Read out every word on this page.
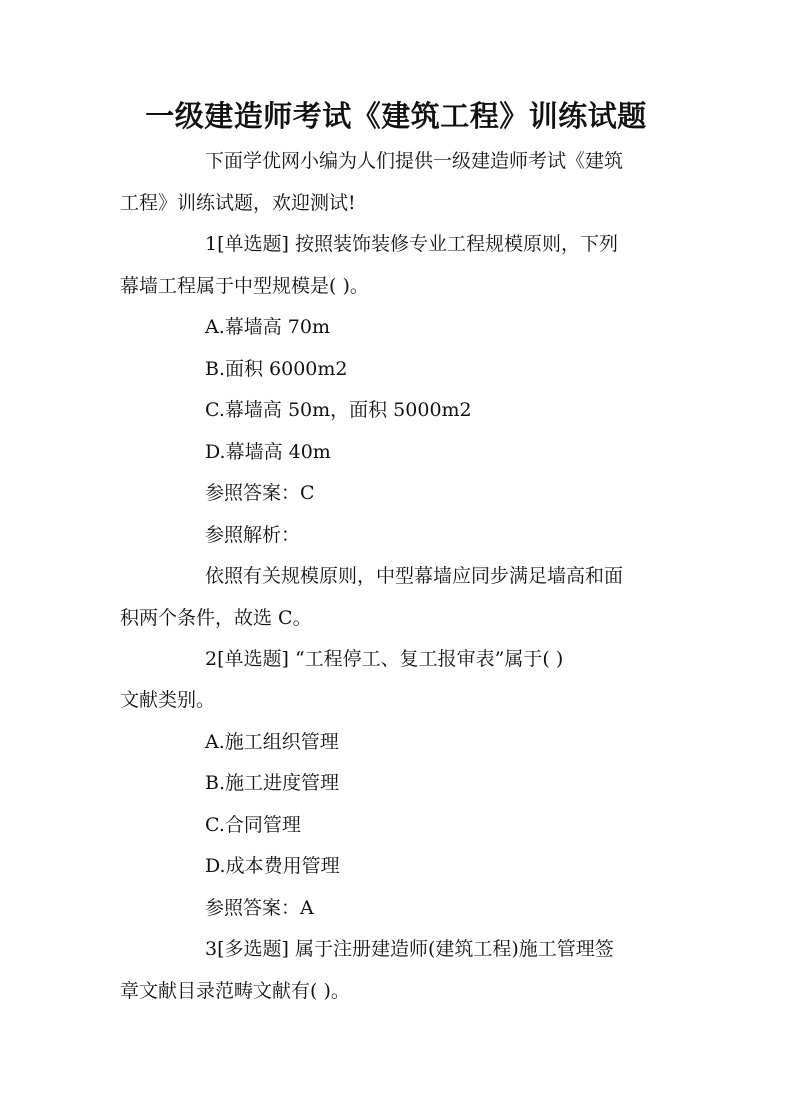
一级建造师考试《建筑工程》训练试题
下面学优网小编为人们提供一级建造师考试《建筑
工程》训练试题，欢迎测试!
1[单选题] 按照装饰装修专业工程规模原则，下列
幕墙工程属于中型规模是( )。
A.幕墙高 70m
B.面积 6000m2
C.幕墙高 50m，面积 5000m2
D.幕墙高 40m
参照答案：C
参照解析：
依照有关规模原则，中型幕墙应同步满足墙高和面
积两个条件，故选 C。
2[单选题] “工程停工、复工报审表”属于( )
文献类别。
A.施工组织管理
B.施工进度管理
C.合同管理
D.成本费用管理
参照答案：A
3[多选题] 属于注册建造师(建筑工程)施工管理签
章文献目录范畴文献有( )。
